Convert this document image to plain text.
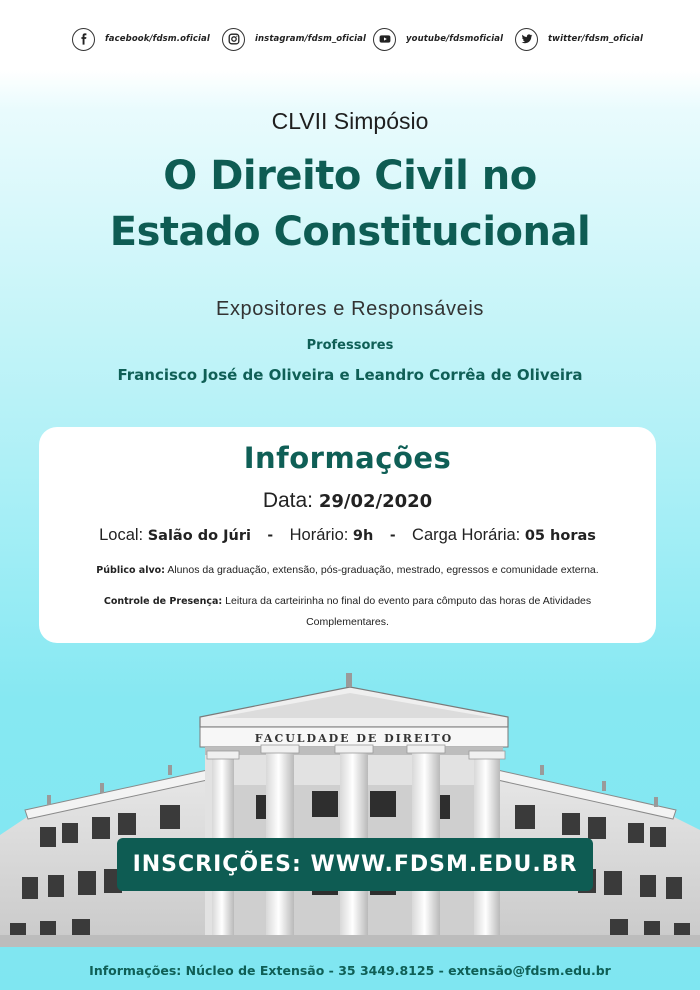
facebook/fdsm.oficial	instagram/fdsm_oficial	youtube/fdsmoficial	twitter/fdsm_oficial
CLVII Simpósio
O Direito Civil no
Estado Constitucional
Expositores e Responsáveis
Professores
Francisco José de Oliveira e Leandro Corrêa de Oliveira
Informações
Data: 29/02/2020
Local: Salão do Júri - Horário: 9h - Carga Horária: 05 horas
Público alvo: Alunos da graduação, extensão, pós-graduação, mestrado, egressos e comunidade externa.
Controle de Presença: Leitura da carteirinha no final do evento para cômputo das horas de Atividades Complementares.
FACULDADE DE DIREITO
INSCRIÇÕES: WWW.FDSM.EDU.BR
Informações: Núcleo de Extensão - 35 3449.8125 - extensão@fdsm.edu.br
